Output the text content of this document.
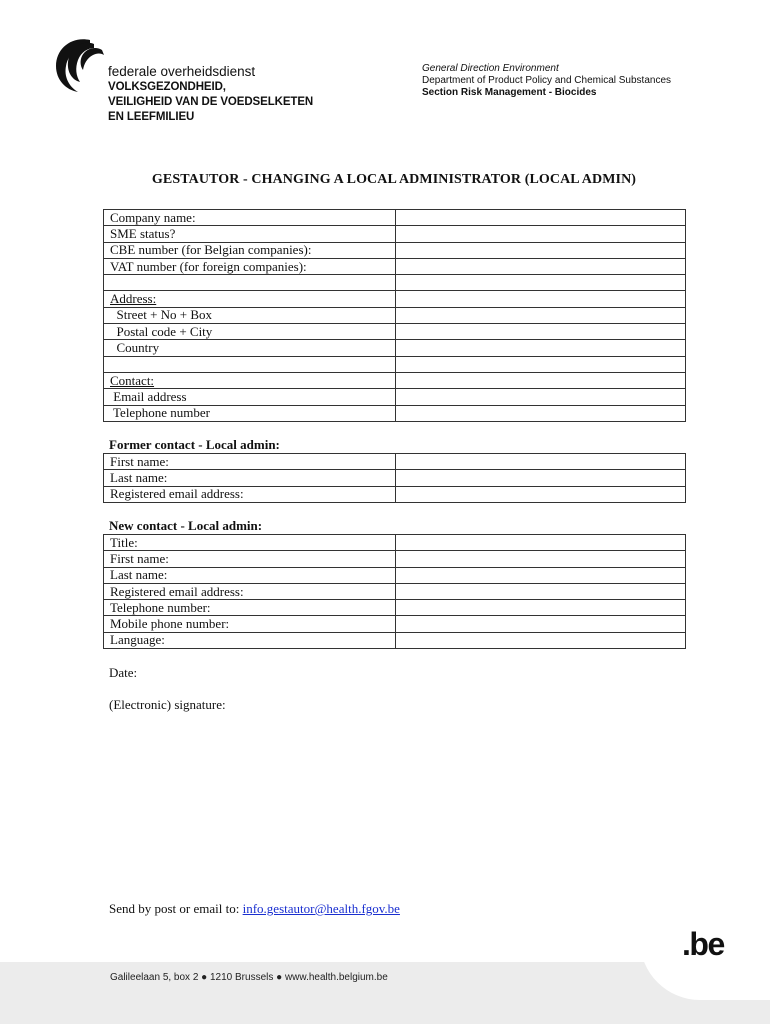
federale overheidsdienst
VOLKSGEZONDHEID,
VEILIGHEID VAN DE VOEDSELKETEN
EN LEEFMILIEU
General Direction Environment
Department of Product Policy and Chemical Substances
Section Risk Management - Biocides
GESTAUTOR - CHANGING A LOCAL ADMINISTRATOR (LOCAL ADMIN)
Company name:	
SME status?	
CBE number (for Belgian companies):	
VAT number (for foreign companies):	

Address:	
Street + No + Box	
Postal code + City	
Country	

Contact:	
Email address	
Telephone number	
Former contact - Local admin:
First name:	
Last name:	
Registered email address:	
New contact - Local admin:
Title:	
First name:	
Last name:	
Registered email address:	
Telephone number:	
Mobile phone number:	
Language:	
Date:
(Electronic) signature:
Send by post or email to: info.gestautor@health.fgov.be
.be
Galileelaan 5, box 2 ● 1210 Brussels ● www.health.belgium.be
